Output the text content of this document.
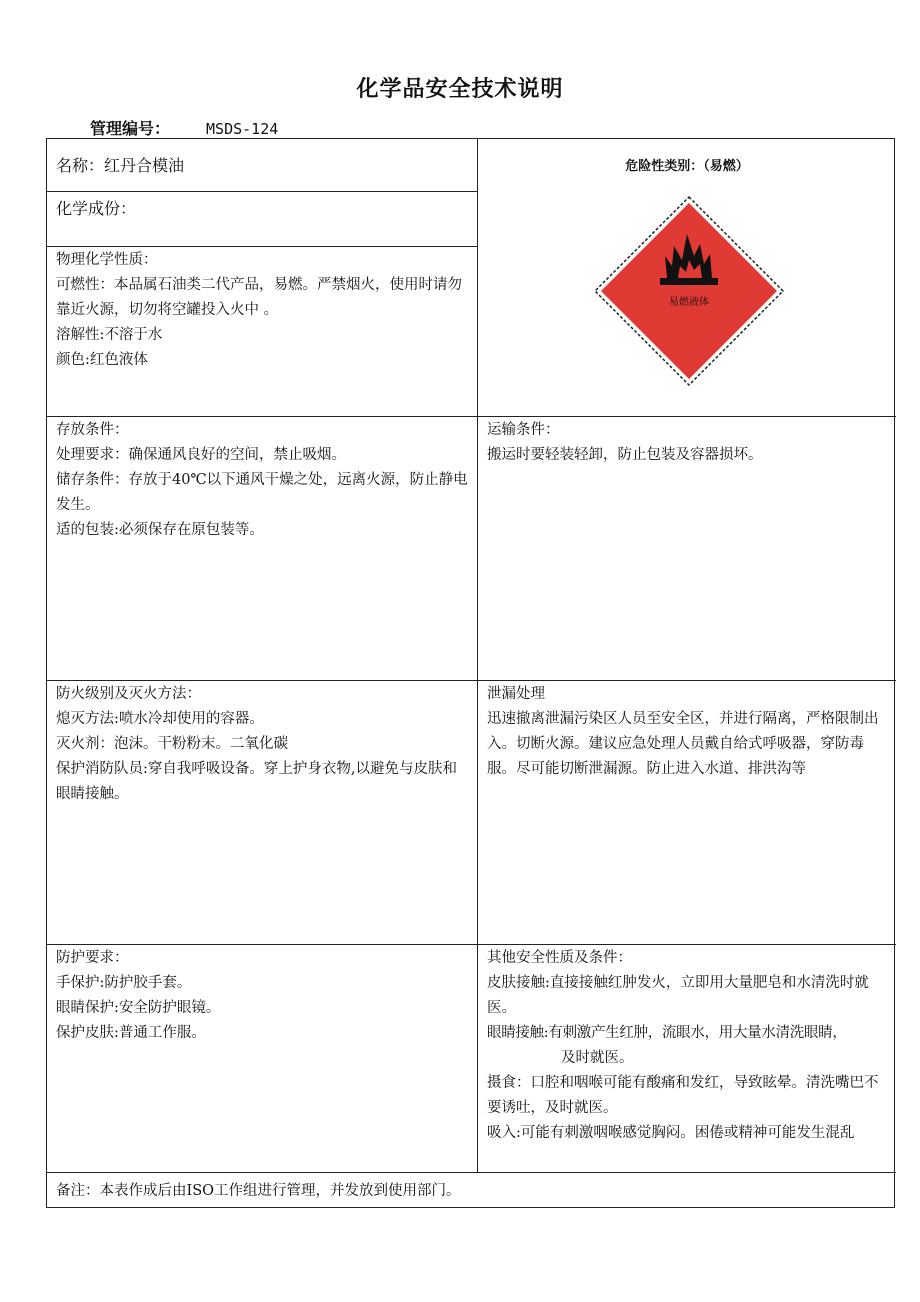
化学品安全技术说明
管理编号： MSDS-124
名称：红丹合模油
化学成份：

物理化学性质：

可燃性：本品属石油类二代产品，易燃。严禁烟火，使用时请勿靠近火源，切勿将空罐投入火中 。

溶解性:不溶于水

颜色:红色液体

危险性类别：（易燃）
易燃液体

存放条件：

处理要求：确保通风良好的空间，禁止吸烟。

储存条件：存放于40℃以下通风干燥之处，远离火源，防止静电发生。

适的包装:必须保存在原包装等。

运输条件：

搬运时要轻装轻卸，防止包装及容器损坏。

防火级别及灭火方法：

熄灭方法:喷水冷却使用的容器。

灭火剂：泡沫。干粉粉末。二氧化碳

保护消防队员:穿自我呼吸设备。穿上护身衣物,以避免与皮肤和眼睛接触。

泄漏处理

迅速撤离泄漏污染区人员至安全区，并进行隔离，严格限制出入。切断火源。建议应急处理人员戴自给式呼吸器，穿防毒服。尽可能切断泄漏源。防止进入水道、排洪沟等

防护要求：

手保护:防护胶手套。

眼睛保护:安全防护眼镜。

保护皮肤:普通工作服。

其他安全性质及条件：

皮肤接触:直接接触红肿发火，立即用大量肥皂和水清洗时就医。

眼睛接触:有刺激产生红肿，流眼水，用大量水清洗眼睛，

及时就医。

摄食：口腔和咽喉可能有酸痛和发红，导致眩晕。清洗嘴巴不要诱吐，及时就医。

吸入:可能有刺激咽喉感觉胸闷。困倦或精神可能发生混乱

备注：本表作成后由ISO工作组进行管理，并发放到使用部门。
